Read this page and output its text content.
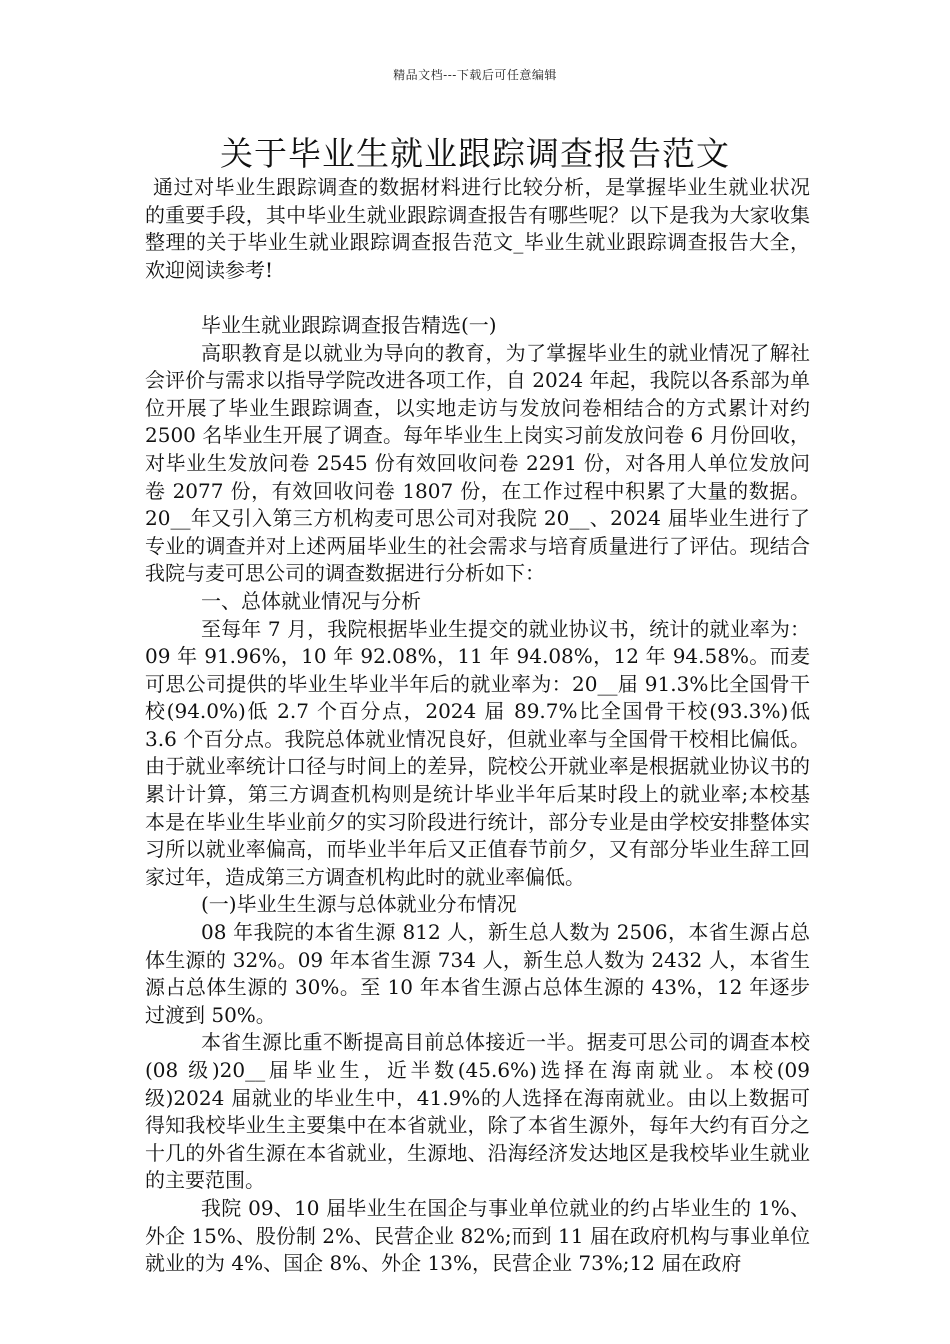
精品文档---下载后可任意编辑
关于毕业生就业跟踪调查报告范文

通过对毕业生跟踪调查的数据材料进行比较分析，是掌握毕业生就业状况的重要手段，其中毕业生就业跟踪调查报告有哪些呢？以下是我为大家收集整理的关于毕业生就业跟踪调查报告范文_毕业生就业跟踪调查报告大全，欢迎阅读参考!

毕业生就业跟踪调查报告精选(一)

高职教育是以就业为导向的教育，为了掌握毕业生的就业情况了解社会评价与需求以指导学院改进各项工作，自 2024 年起，我院以各系部为单位开展了毕业生跟踪调查，以实地走访与发放问卷相结合的方式累计对约 2500 名毕业生开展了调查。每年毕业生上岗实习前发放问卷 6 月份回收，对毕业生发放问卷 2545 份有效回收问卷 2291 份，对各用人单位发放问卷 2077 份，有效回收问卷 1807 份，在工作过程中积累了大量的数据。20__年又引入第三方机构麦可思公司对我院 20__、2024 届毕业生进行了专业的调查并对上述两届毕业生的社会需求与培育质量进行了评估。现结合我院与麦可思公司的调查数据进行分析如下：

一、总体就业情况与分析

至每年 7 月，我院根据毕业生提交的就业协议书，统计的就业率为：09 年 91.96%，10 年 92.08%，11 年 94.08%，12 年 94.58%。而麦可思公司提供的毕业生毕业半年后的就业率为：20__届 91.3%比全国骨干校(94.0%)低 2.7 个百分点，2024 届 89.7%比全国骨干校(93.3%)低 3.6 个百分点。我院总体就业情况良好，但就业率与全国骨干校相比偏低。由于就业率统计口径与时间上的差异，院校公开就业率是根据就业协议书的累计计算，第三方调查机构则是统计毕业半年后某时段上的就业率;本校基本是在毕业生毕业前夕的实习阶段进行统计，部分专业是由学校安排整体实习所以就业率偏高，而毕业半年后又正值春节前夕，又有部分毕业生辞工回家过年，造成第三方调查机构此时的就业率偏低。

(一)毕业生生源与总体就业分布情况

08 年我院的本省生源 812 人，新生总人数为 2506，本省生源占总体生源的 32%。09 年本省生源 734 人，新生总人数为 2432 人，本省生源占总体生源的 30%。至 10 年本省生源占总体生源的 43%，12 年逐步过渡到 50%。

本省生源比重不断提高目前总体接近一半。据麦可思公司的调查本校(08 级)20__届毕业生，近半数(45.6%)选择在海南就业。本校(09 级)2024 届就业的毕业生中，41.9%的人选择在海南就业。由以上数据可得知我校毕业生主要集中在本省就业，除了本省生源外，每年大约有百分之十几的外省生源在本省就业，生源地、沿海经济发达地区是我校毕业生就业的主要范围。

我院 09、10 届毕业生在国企与事业单位就业的约占毕业生的 1%、外企 15%、股份制 2%、民营企业 82%;而到 11 届在政府机构与事业单位就业的为 4%、国企 8%、外企 13%，民营企业 73%;12 届在政府
